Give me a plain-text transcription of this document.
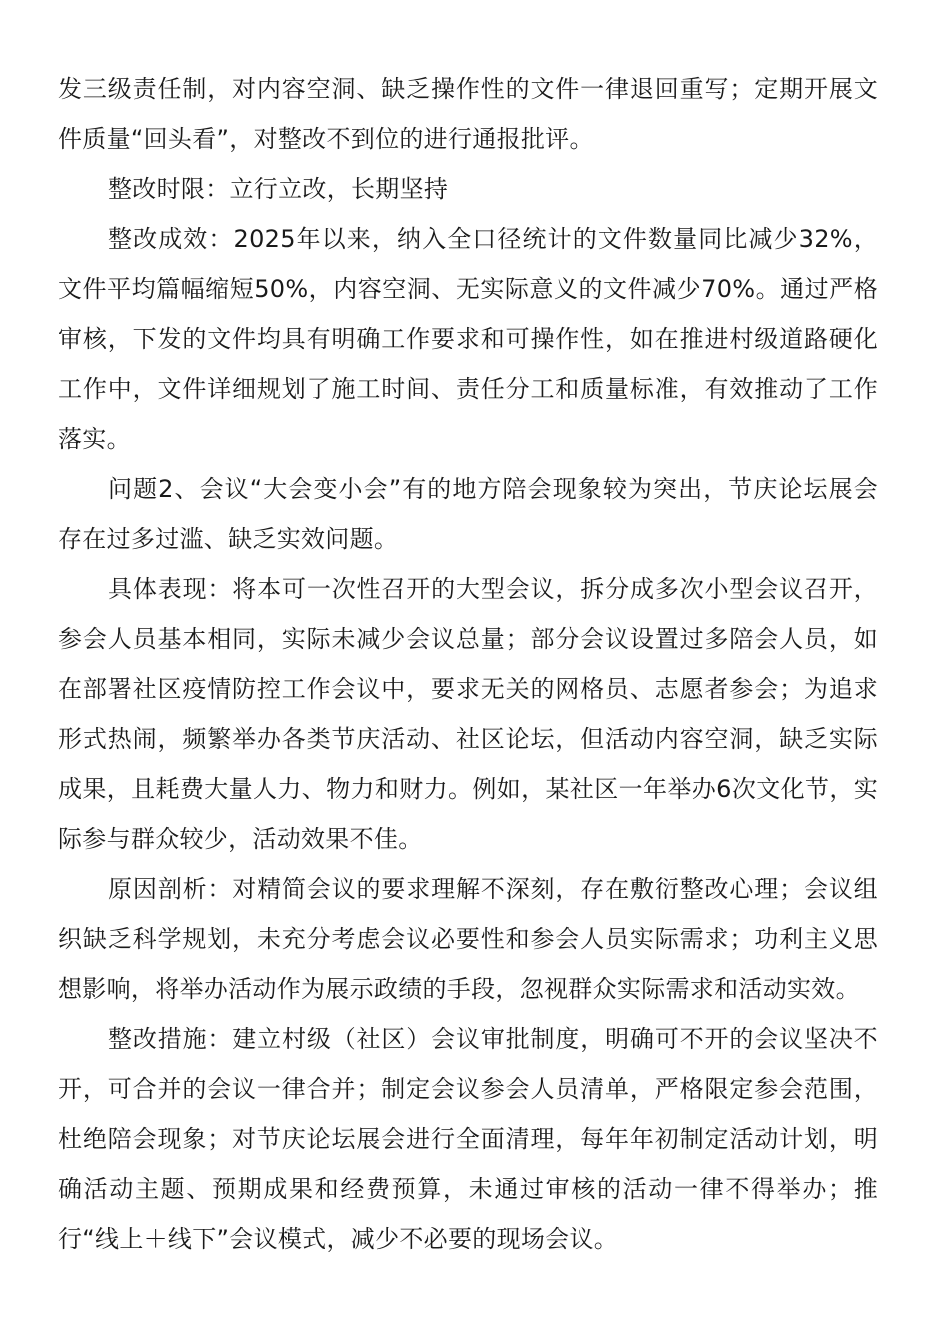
发三级责任制，对内容空洞、缺乏操作性的文件一律退回重写；定期开展文件质量“回头看”，对整改不到位的进行通报批评。

整改时限：立行立改，长期坚持

整改成效：2025年以来，纳入全口径统计的文件数量同比减少32%，文件平均篇幅缩短50%，内容空洞、无实际意义的文件减少70%。通过严格审核，下发的文件均具有明确工作要求和可操作性，如在推进村级道路硬化工作中，文件详细规划了施工时间、责任分工和质量标准，有效推动了工作落实。

问题2、会议“大会变小会”有的地方陪会现象较为突出，节庆论坛展会存在过多过滥、缺乏实效问题。

具体表现：将本可一次性召开的大型会议，拆分成多次小型会议召开，参会人员基本相同，实际未减少会议总量；部分会议设置过多陪会人员，如在部署社区疫情防控工作会议中，要求无关的网格员、志愿者参会；为追求形式热闹，频繁举办各类节庆活动、社区论坛，但活动内容空洞，缺乏实际成果，且耗费大量人力、物力和财力。例如，某社区一年举办6次文化节，实际参与群众较少，活动效果不佳。

原因剖析：对精简会议的要求理解不深刻，存在敷衍整改心理；会议组织缺乏科学规划，未充分考虑会议必要性和参会人员实际需求；功利主义思想影响，将举办活动作为展示政绩的手段，忽视群众实际需求和活动实效。

整改措施：建立村级（社区）会议审批制度，明确可不开的会议坚决不开，可合并的会议一律合并；制定会议参会人员清单，严格限定参会范围，杜绝陪会现象；对节庆论坛展会进行全面清理，每年年初制定活动计划，明确活动主题、预期成果和经费预算，未通过审核的活动一律不得举办；推行“线上＋线下”会议模式，减少不必要的现场会议。
